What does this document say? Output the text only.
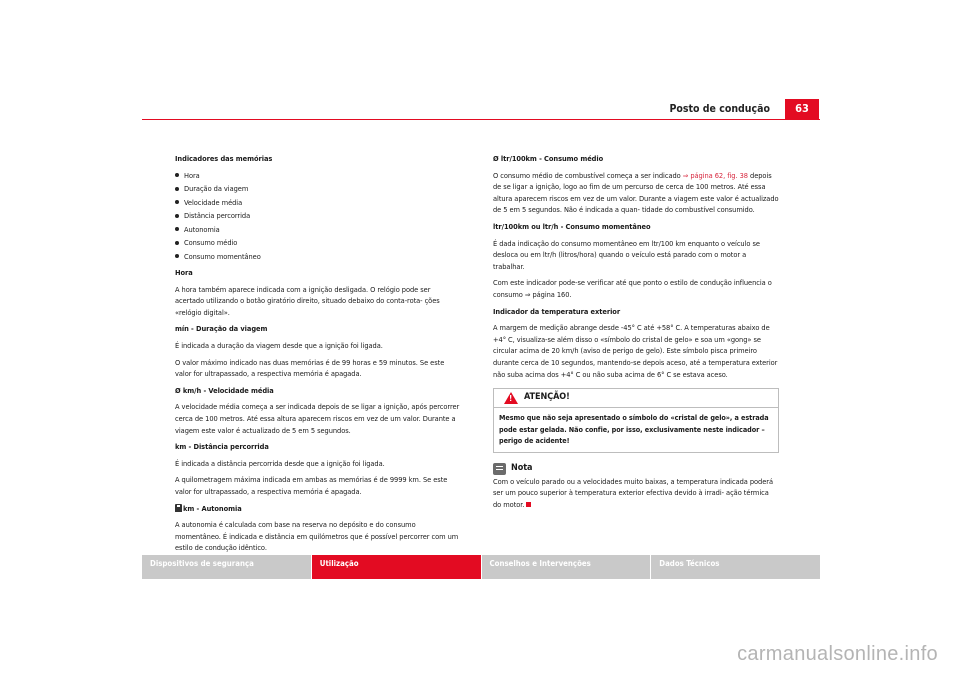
Posto de condução	63

Indicadores das memórias

Hora
Duração da viagem
Velocidade média
Distância percorrida
Autonomia
Consumo médio
Consumo momentâneo

Hora

A hora também aparece indicada com a ignição desligada. O relógio pode ser acertado utilizando o botão giratório direito, situado debaixo do conta-rota- ções «relógio digital».

mín - Duração da viagem

É indicada a duração da viagem desde que a ignição foi ligada.

O valor máximo indicado nas duas memórias é de 99 horas e 59 minutos. Se este valor for ultrapassado, a respectiva memória é apagada.

Ø km/h - Velocidade média

A velocidade média começa a ser indicada depois de se ligar a ignição, após percorrer cerca de 100 metros. Até essa altura aparecem riscos em vez de um valor. Durante a viagem este valor é actualizado de 5 em 5 segundos.

km - Distância percorrida

É indicada a distância percorrida desde que a ignição foi ligada.

A quilometragem máxima indicada em ambas as memórias é de 9999 km. Se este valor for ultrapassado, a respectiva memória é apagada.

km - Autonomia

A autonomia é calculada com base na reserva no depósito e do consumo momentâneo. É indicada e distância em quilómetros que é possível percorrer com um estilo de condução idêntico.

Ø ltr/100km - Consumo médio

O consumo médio de combustível começa a ser indicado ⇒ página 62, fig. 38 depois de se ligar a ignição, logo ao fim de um percurso de cerca de 100 metros. Até essa altura aparecem riscos em vez de um valor. Durante a viagem este valor é actualizado de 5 em 5 segundos. Não é indicada a quan- tidade do combustível consumido.

ltr/100km ou ltr/h - Consumo momentâneo

É dada indicação do consumo momentâneo em ltr/100 km enquanto o veículo se desloca ou em ltr/h (litros/hora) quando o veículo está parado com o motor a trabalhar.

Com este indicador pode-se verificar até que ponto o estilo de condução influencia o consumo ⇒ página 160.

Indicador da temperatura exterior

A margem de medição abrange desde -45° C até +58° C. A temperaturas abaixo de +4° C, visualiza-se além disso o «símbolo do cristal de gelo» e soa um «gong» se circular acima de 20 km/h (aviso de perigo de gelo). Este símbolo pisca primeiro durante cerca de 10 segundos, mantendo-se depois aceso, até a temperatura exterior não suba acima dos +4° C ou não suba acima de 6° C se estava aceso.

!
ATENÇÃO!
Mesmo que não seja apresentado o símbolo do «cristal de gelo», a estrada pode estar gelada. Não confie, por isso, exclusivamente neste indicador – perigo de acidente!
Nota

Com o veículo parado ou a velocidades muito baixas, a temperatura indicada poderá ser um pouco superior à temperatura exterior efectiva devido à irradi- ação térmica do motor.

Dispositivos de segurança	Utilização	Conselhos e Intervenções	Dados Técnicos
carmanualsonline.info
